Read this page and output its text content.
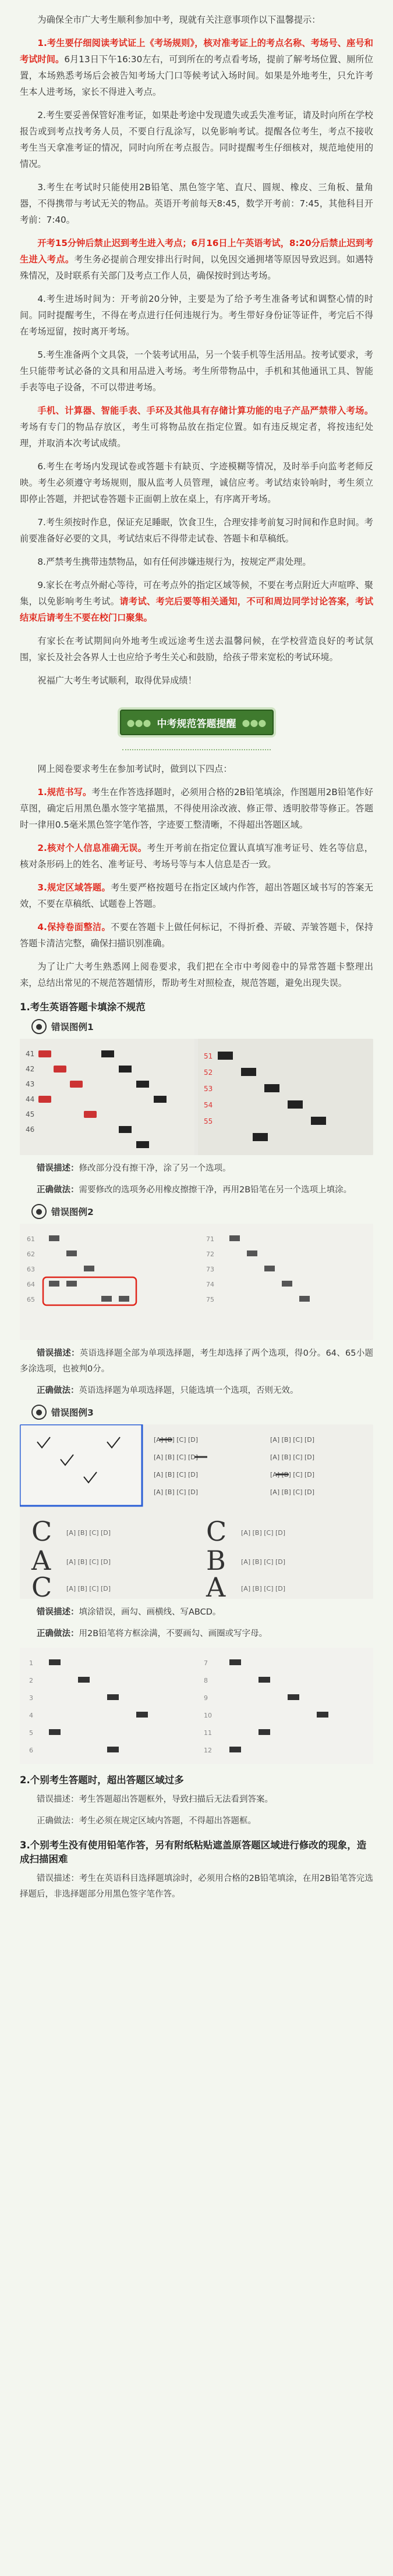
为确保全市广大考生顺利参加中考，现就有关注意事项作以下温馨提示：

1.考生要仔细阅读考试证上《考场规则》，核对准考证上的考点名称、考场号、座号和考试时间。6月13日下午16:30左右，可到所在的考点看考场，提前了解考场位置、厕所位置，本场熟悉考场后会被告知考场大门口等候考试入场时间。如果是外地考生，只允许考生本人进考场，家长不得进入考点。

2.考生要妥善保管好准考证，如果赴考途中发现遗失或丢失准考证，请及时向所在学校报告或到考点找考务人员，不要自行乱涂写，以免影响考试。提醒各位考生，考点不接收考生当天拿准考证的情况，同时向所在考点报告。同时提醒考生仔细核对，规范地使用的情况。

3.考生在考试时只能使用2B铅笔、黑色签字笔、直尺、圆规、橡皮、三角板、量角器，不得携带与考试无关的物品。英语开考前每天8:45，数学开考前：7:45，其他科目开考前：7:40。

开考15分钟后禁止迟到考生进入考点；6月16日上午英语考试，8:20分后禁止迟到考生进入考点。考生务必提前合理安排出行时间，以免因交通拥堵等原因导致迟到。如遇特殊情况，及时联系有关部门及考点工作人员，确保按时到达考场。

4.考生进场时间为：开考前20分钟，主要是为了给予考生准备考试和调整心情的时间。同时提醒考生，不得在考点进行任何违规行为。考生带好身份证等证件，考完后不得在考场逗留，按时离开考场。

5.考生准备两个文具袋，一个装考试用品，另一个装手机等生活用品。按考试要求，考生只能带考试必备的文具和用品进入考场。考生所带物品中，手机和其他通讯工具、智能手表等电子设备，不可以带进考场。

手机、计算器、智能手表、手环及其他具有存储计算功能的电子产品严禁带入考场。考场有专门的物品存放区，考生可将物品放在指定位置。如有违反规定者，将按违纪处理，并取消本次考试成绩。

6.考生在考场内发现试卷或答题卡有缺页、字迹模糊等情况，及时举手向监考老师反映。考生必须遵守考场规则，服从监考人员管理，诚信应考。考试结束铃响时，考生须立即停止答题，并把试卷答题卡正面朝上放在桌上，有序离开考场。

7.考生须按时作息，保证充足睡眠，饮食卫生，合理安排考前复习时间和作息时间。考前要准备好必要的文具，考试结束后不得带走试卷、答题卡和草稿纸。

8.严禁考生携带违禁物品，如有任何涉嫌违规行为，按规定严肃处理。

9.家长在考点外耐心等待，可在考点外的指定区域等候，不要在考点附近大声喧哗、聚集，以免影响考生考试。请考试、考完后要等相关通知，不可和周边同学讨论答案，考试结束后请考生不要在校门口聚集。

有家长在考试期间向外地考生或远途考生送去温馨问候，在学校营造良好的考试氛围，家长及社会各界人士也应给予考生关心和鼓励，给孩子带来宽松的考试环境。

祝福广大考生考试顺利，取得优异成绩！

●●● 中考规范答题提醒 ●●●

网上阅卷要求考生在参加考试时，做到以下四点：

1.规范书写。考生在作答选择题时，必须用合格的2B铅笔填涂，作图题用2B铅笔作好草图，确定后用黑色墨水签字笔描黑，不得使用涂改液、修正带、透明胶带等修正。答题时一律用0.5毫米黑色签字笔作答，字迹要工整清晰，不得超出答题区域。

2.核对个人信息准确无误。考生开考前在指定位置认真填写准考证号、姓名等信息，核对条形码上的姓名、准考证号、考场号等与本人信息是否一致。

3.规定区域答题。考生要严格按题号在指定区域内作答，超出答题区域书写的答案无效，不要在草稿纸、试题卷上答题。

4.保持卷面整洁。不要在答题卡上做任何标记，不得折叠、弄破、弄皱答题卡，保持答题卡清洁完整，确保扫描识别准确。

为了让广大考生熟悉网上阅卷要求，我们把在全市中考阅卷中的异常答题卡整理出来，总结出常见的不规范答题情形，帮助考生对照检查，规范答题，避免出现失误。

1.考生英语答题卡填涂不规范
● 错误图例1
41
42
43
44
45
46
51
52
53
54
55
错误描述：修改部分没有擦干净，涂了另一个选项。
正确做法：需要修改的选项务必用橡皮擦擦干净，再用2B铅笔在另一个选项上填涂。
● 错误图例2
61
62
63
64
65
71
72
73
74
75
错误描述：英语选择题全部为单项选择题，考生却选择了两个选项，得0分。64、65小题多涂选项，也被判0分。
正确做法：英语选择题为单项选择题，只能选填一个选项，否则无效。
● 错误图例3
[A] [B] [C] [D]
[A] [B] [C] [D]
[A] [B] [C] [D]
[A] [B] [C] [D]
[A] [B] [C] [D]
[A] [B] [C] [D]
[A] [B] [C] [D]
[A] [B] [C] [D]
C
A
C
C
B
A
[A] [B] [C] [D]
[A] [B] [C] [D]
[A] [B] [C] [D]
[A] [B] [C] [D]
[A] [B] [C] [D]
[A] [B] [C] [D]
错误描述：填涂错误，画勾、画横线、写ABCD。
正确做法：用2B铅笔将方框涂满，不要画勾、画圈或写字母。
1
2
3
4
5
6
7
8
9
10
11
12
2.个别考生答题时，超出答题区域过多
错误描述：考生答题超出答题框外，导致扫描后无法看到答案。
正确做法：考生必须在规定区域内答题，不得超出答题框。
3.个别考生没有使用铅笔作答，另有附纸粘贴遮盖原答题区域进行修改的现象，造成扫描困难
错误描述：考生在英语科目选择题填涂时，必须用合格的2B铅笔填涂，在用2B铅笔答完选择题后，非选择题部分用黑色签字笔作答。
